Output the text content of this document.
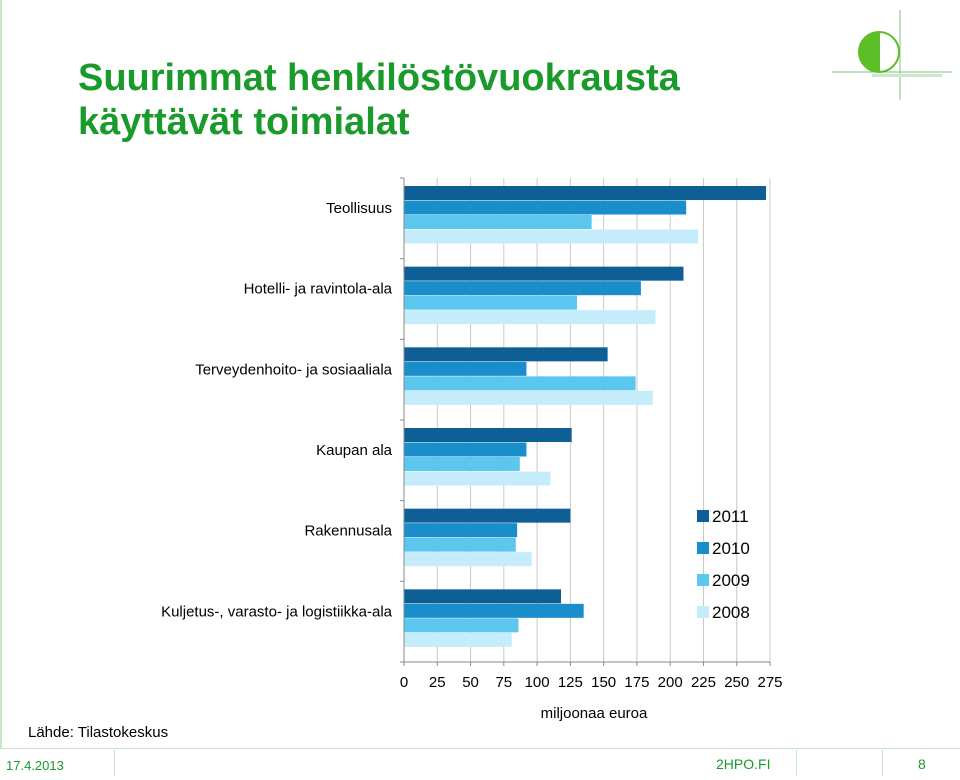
Suurimmat henkilöstövuokrausta
käyttävät toimialat
Teollisuus
Hotelli- ja ravintola-ala
Terveydenhoito- ja sosiaaliala
Kaupan ala
Rakennusala
Kuljetus-, varasto- ja logistiikka-ala
0 25 50 75 100 125 150 175 200 225 250 275
miljoonaa euroa
2011
2010
2009
2008
Lähde: Tilastokeskus
17.4.2013	2HPO.FI	8
